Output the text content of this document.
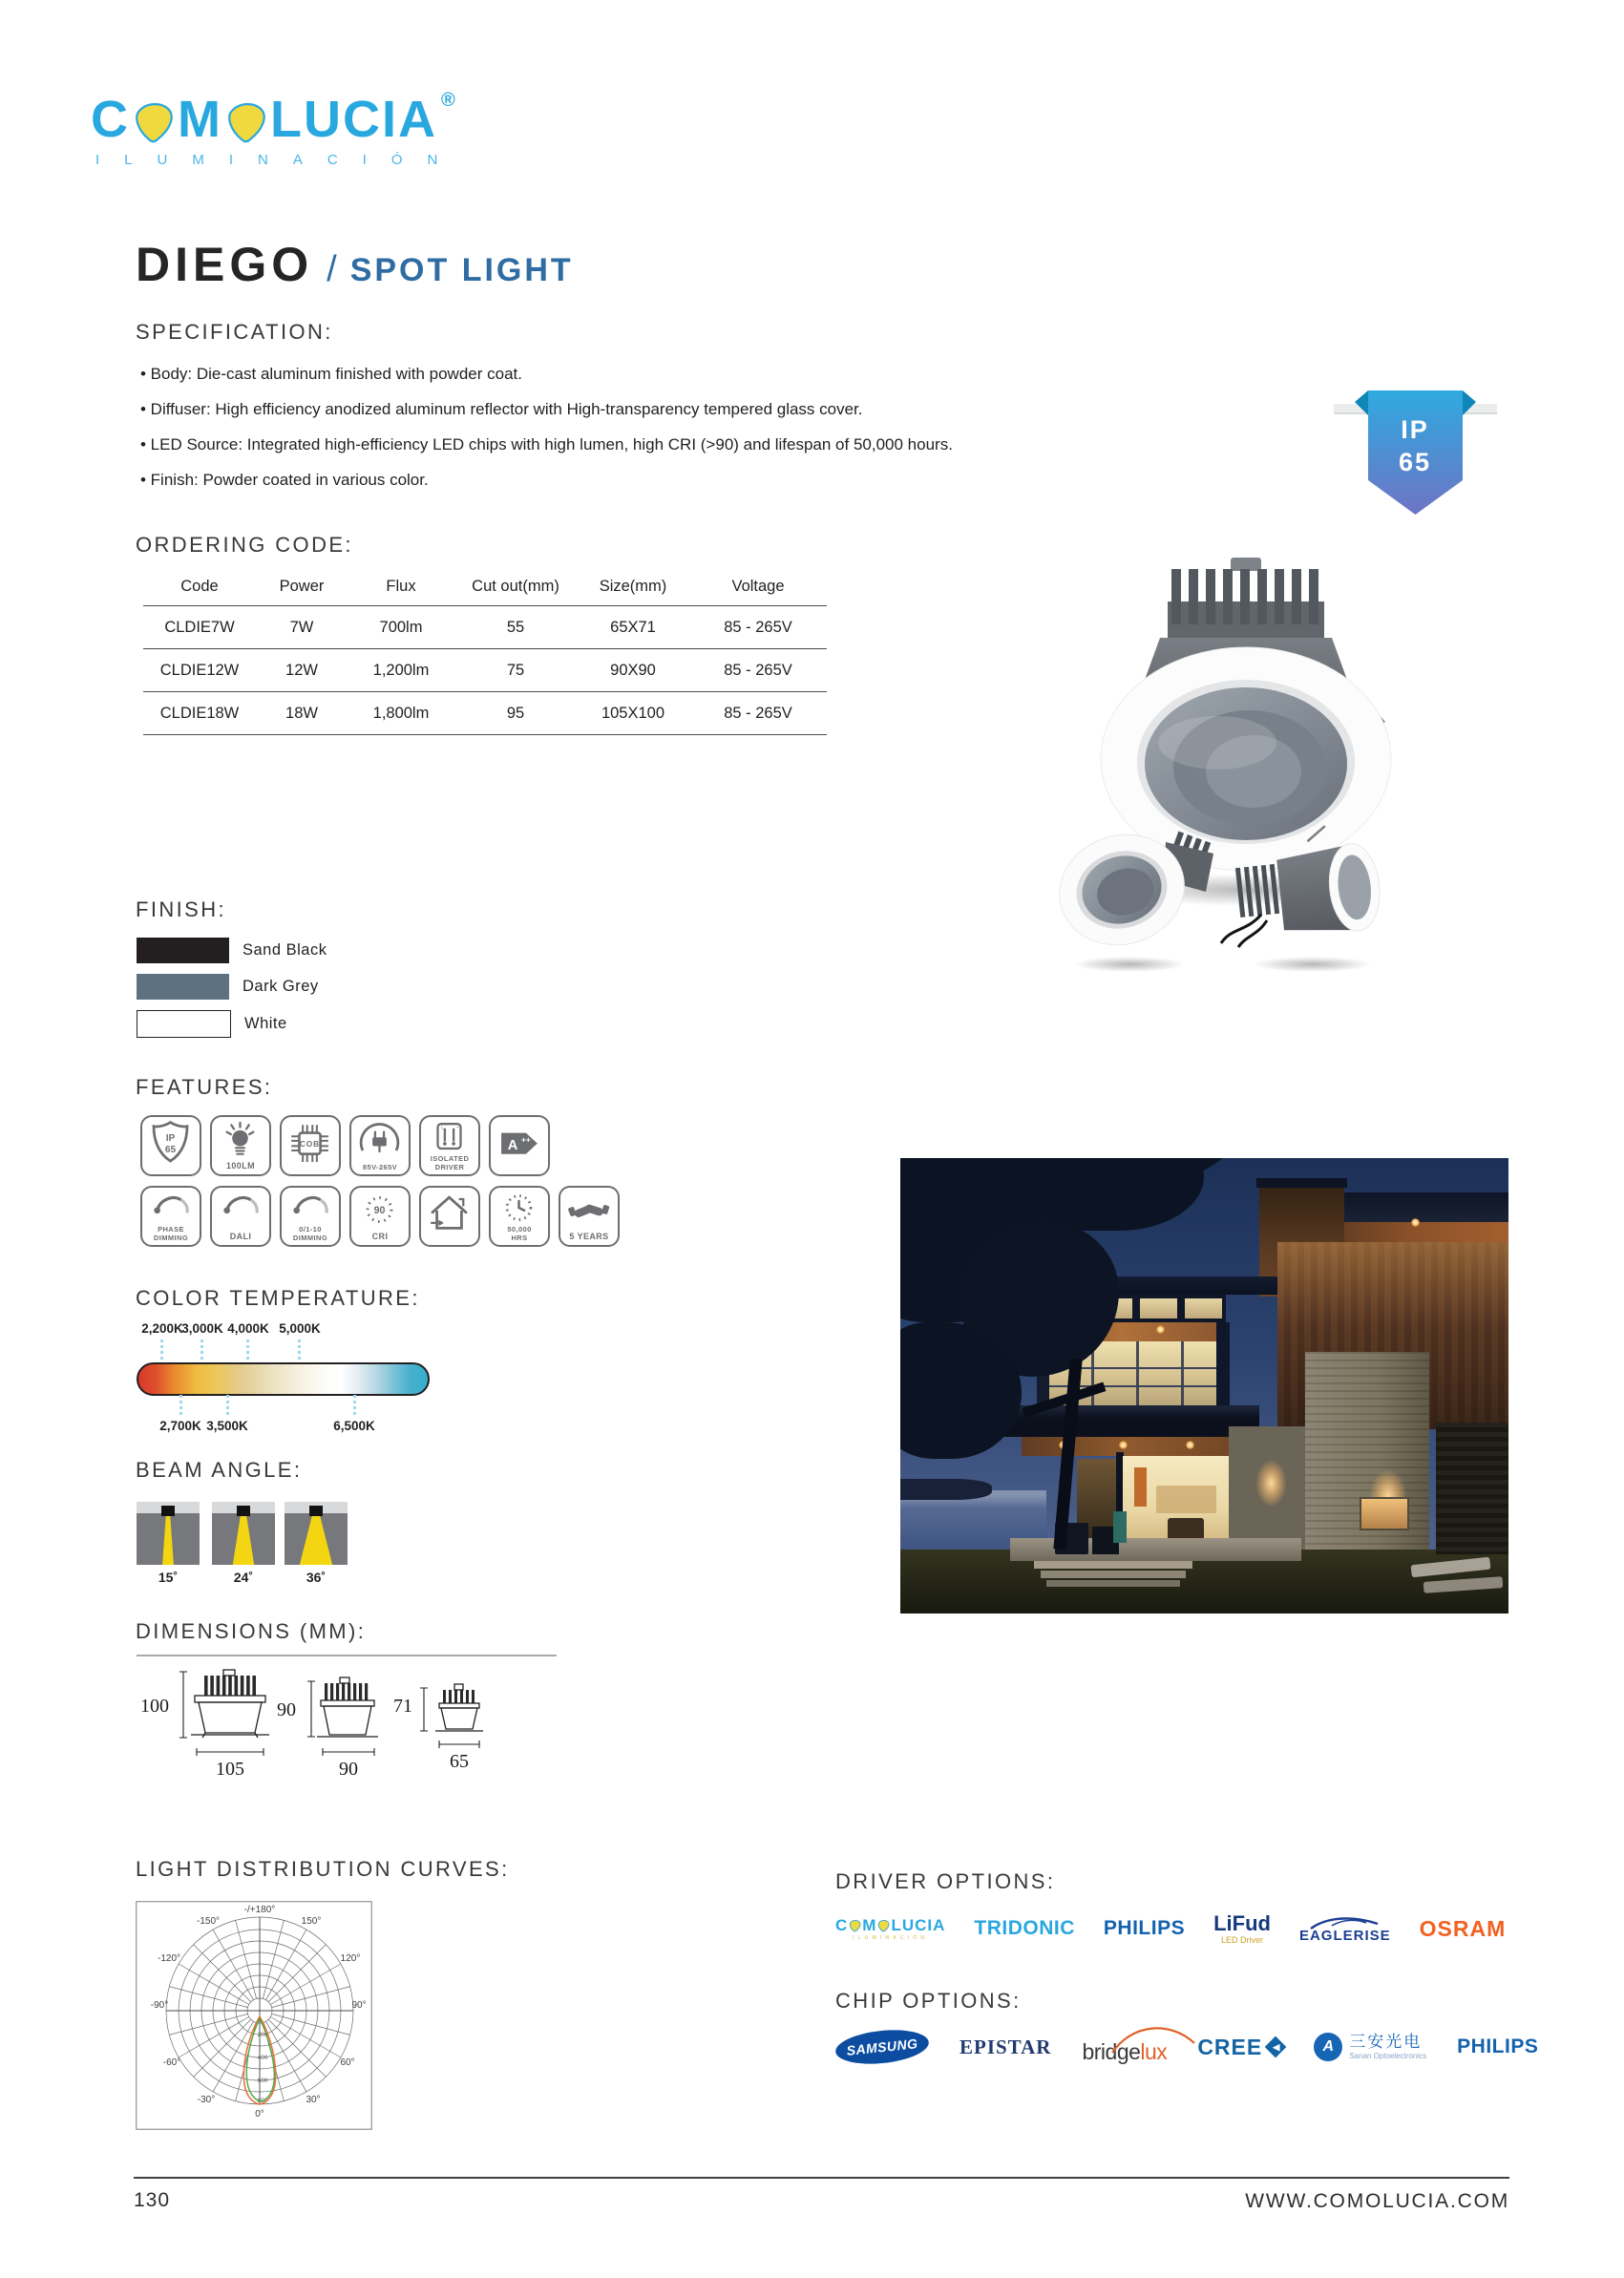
C M LUCIA ®
ILUMINACIÓN
DIEGO / SPOT LIGHT
SPECIFICATION:
• Body: Die-cast aluminum finished with powder coat.
• Diffuser: High efficiency anodized aluminum reflector with High-transparency tempered glass cover.
• LED Source: Integrated high-efficiency LED chips with high lumen, high CRI (>90) and lifespan of 50,000 hours.
• Finish: Powder coated in various color.
IP
65
ORDERING CODE:
Code	Power	Flux	Cut out(mm)	Size(mm)	Voltage
CLDIE7W	7W	700lm	55	65X71	85 - 265V
CLDIE12W	12W	1,200lm	75	90X90	85 - 265V
CLDIE18W	18W	1,800lm	95	105X100	85 - 265V
FINISH:
Sand Black
Dark Grey
White
FEATURES:
IP
65
100LM
COB
85V-265V
L	+
ISOLATED
DRIVER
A ++
PHASE
DIMMING	DALI
0/1-10
DIMMING
90
CRI
50,000
HRS	5 YEARS
COLOR TEMPERATURE:
2,200K
3,000K 4,000K 5,000K
2,700K 3,500K	6,500K
BEAM ANGLE:
15˚	24˚	36˚
DIMENSIONS (MM):
100
105
90
90
71
65
LIGHT DISTRIBUTION CURVES:
-/+180°
-150°	150°
-120°	120°
-90°	90°
-60°	60°
-30°	30°
0°
200
400
600
800
DRIVER OPTIONS:
C M LUCIA
ILUMINACIÓN TRIDONIC PHILIPS LiFud
LED Driver	EAGLERISE OSRAM
CHIP OPTIONS:
SAMSUNG EPISTAR bridgelux CREE	A 三安光电
Sanan Optoelectronics PHILIPS
130	WWW.COMOLUCIA.COM
